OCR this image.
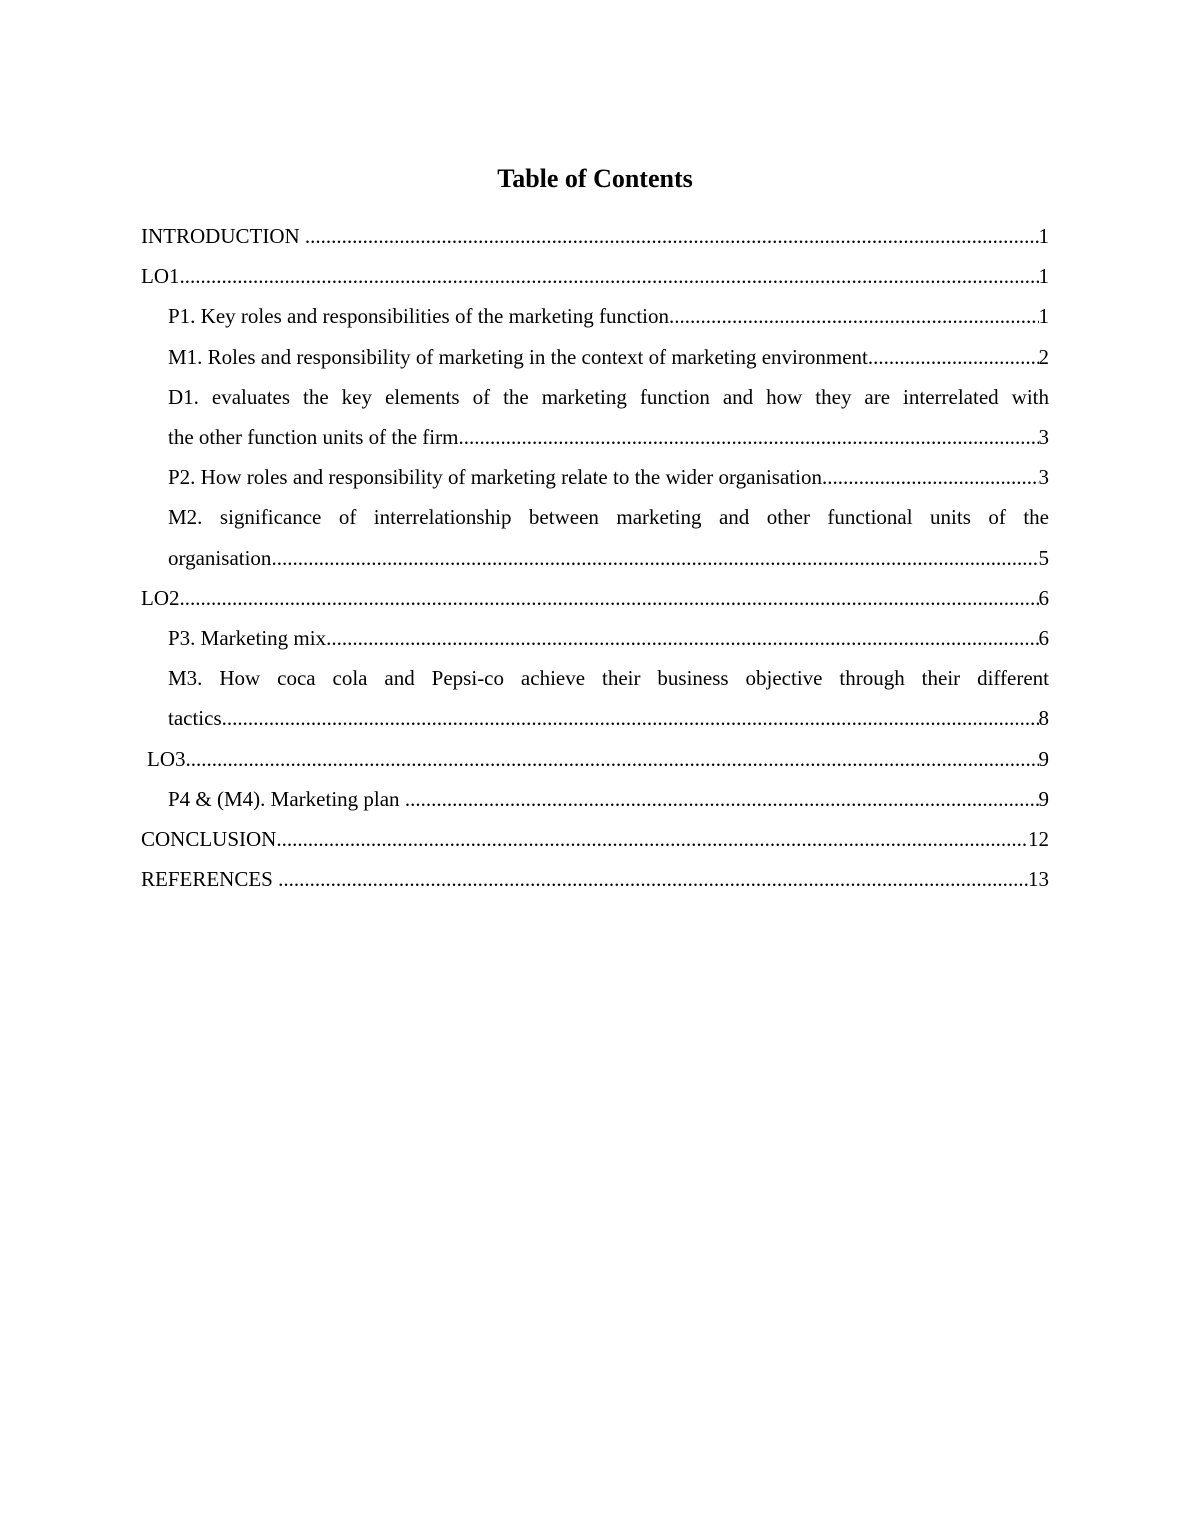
Table of Contents
INTRODUCTION .....	1
LO1 .....	1
P1. Key roles and responsibilities of the marketing function. .....	1
M1. Roles and responsibility of marketing in the context of marketing environment .....	2
D1. evaluates the key elements of the marketing function and how they are interrelated with
the other function units of the firm .....	3
P2. How roles and responsibility of marketing relate to the wider organisation .....	3
M2. significance of interrelationship between marketing and other functional units of the
organisation .....	5
LO2 .....	6
P3. Marketing mix .....	6
M3. How coca cola and Pepsi-co achieve their business objective through their different
tactics .....	8
LO3 .....	9
P4 & (M4). Marketing plan .....	9
CONCLUSION .....	12
REFERENCES .....	13
